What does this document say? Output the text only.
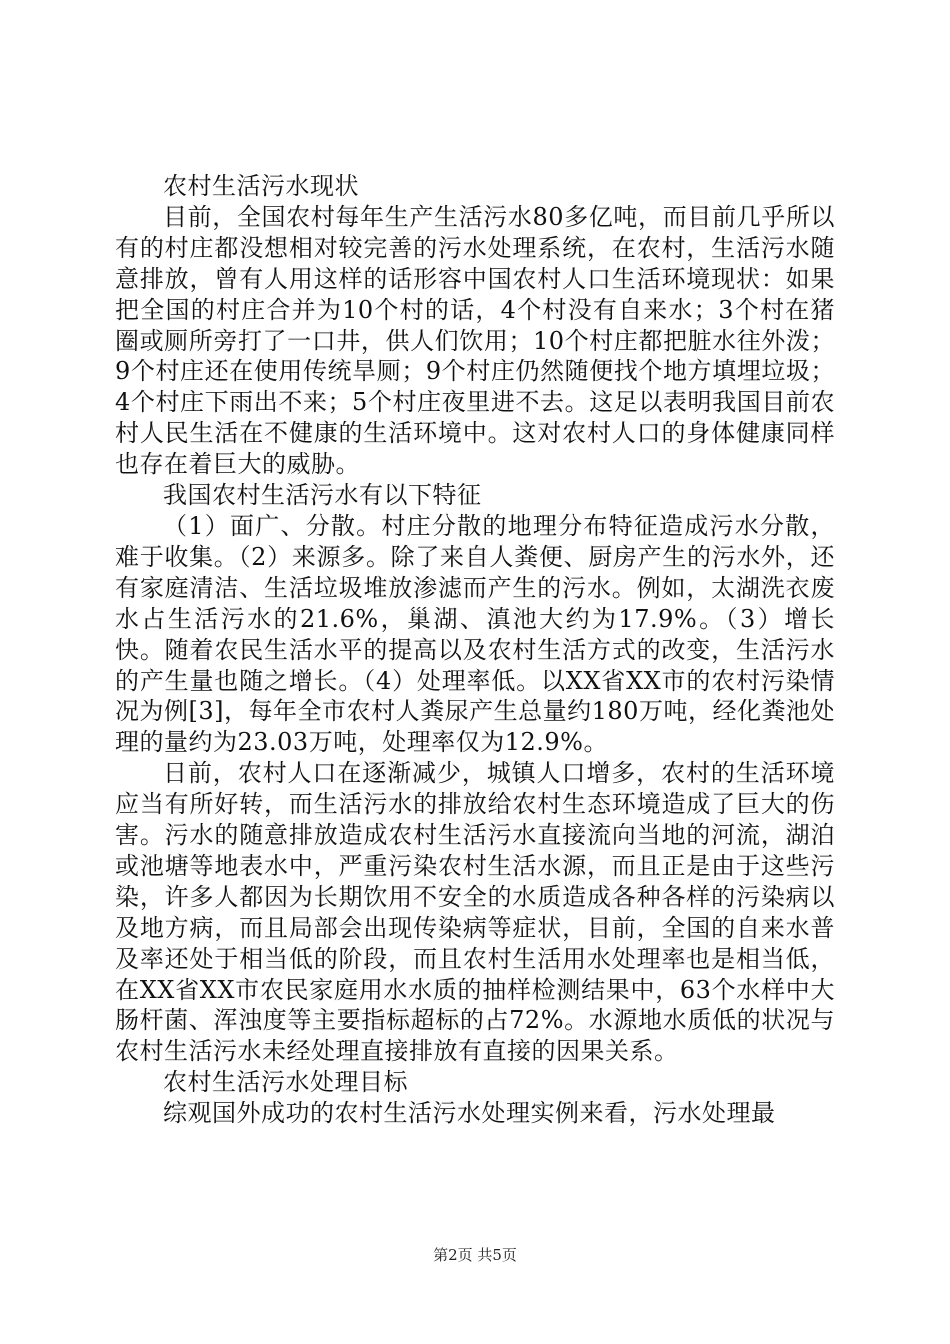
农村生活污水现状

目前，全国农村每年生产生活污水80多亿吨，而目前几乎所以有的村庄都没想相对较完善的污水处理系统，在农村，生活污水随意排放，曾有人用这样的话形容中国农村人口生活环境现状：如果把全国的村庄合并为10个村的话，4个村没有自来水；3个村在猪圈或厕所旁打了一口井，供人们饮用；10个村庄都把脏水往外泼；9个村庄还在使用传统旱厕；9个村庄仍然随便找个地方填埋垃圾；4个村庄下雨出不来；5个村庄夜里进不去。这足以表明我国目前农村人民生活在不健康的生活环境中。这对农村人口的身体健康同样也存在着巨大的威胁。

我国农村生活污水有以下特征

（1）面广、分散。村庄分散的地理分布特征造成污水分散，难于收集。（2）来源多。除了来自人粪便、厨房产生的污水外，还有家庭清洁、生活垃圾堆放渗滤而产生的污水。例如，太湖洗衣废水占生活污水的21.6%，巢湖、滇池大约为17.9%。（3）增长快。随着农民生活水平的提高以及农村生活方式的改变，生活污水的产生量也随之增长。（4）处理率低。以XX省XX市的农村污染情况为例[3]，每年全市农村人粪尿产生总量约180万吨，经化粪池处理的量约为23.03万吨，处理率仅为12.9%。

日前，农村人口在逐渐减少，城镇人口增多，农村的生活环境应当有所好转，而生活污水的排放给农村生态环境造成了巨大的伤害。污水的随意排放造成农村生活污水直接流向当地的河流，湖泊或池塘等地表水中，严重污染农村生活水源，而且正是由于这些污染，许多人都因为长期饮用不安全的水质造成各种各样的污染病以及地方病，而且局部会出现传染病等症状，目前，全国的自来水普及率还处于相当低的阶段，而且农村生活用水处理率也是相当低，在XX省XX市农民家庭用水水质的抽样检测结果中，63个水样中大肠杆菌、浑浊度等主要指标超标的占72%。水源地水质低的状况与农村生活污水未经处理直接排放有直接的因果关系。

农村生活污水处理目标

综观国外成功的农村生活污水处理实例来看，污水处理最

第2页 共5页
